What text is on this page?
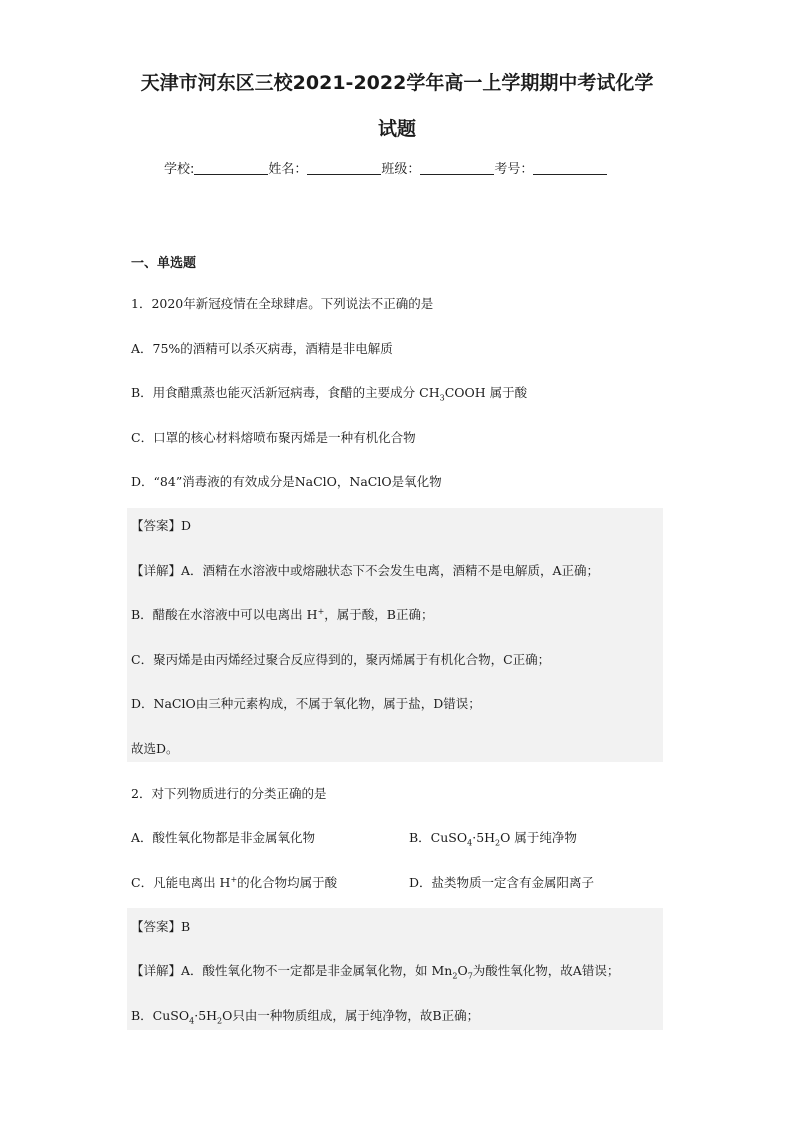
天津市河东区三校2021-2022学年高一上学期期中考试化学
试题
学校:	姓名：	班级：	考号：
一、单选题
1．2020年新冠疫情在全球肆虐。下列说法不正确的是
A．75%的酒精可以杀灭病毒，酒精是非电解质
B．用食醋熏蒸也能灭活新冠病毒，食醋的主要成分 $CH_3COOH$ 属于酸
C．口罩的核心材料熔喷布聚丙烯是一种有机化合物
D．“84”消毒液的有效成分是NaClO，NaClO是氧化物
【答案】D
【详解】A．酒精在水溶液中或熔融状态下不会发生电离，酒精不是电解质，A正确；
B．醋酸在水溶液中可以电离出 H+，属于酸，B正确；
C．聚丙烯是由丙烯经过聚合反应得到的，聚丙烯属于有机化合物，C正确；
D．NaClO由三种元素构成，不属于氧化物，属于盐，D错误；
故选D。
2．对下列物质进行的分类正确的是
A．酸性氧化物都是非金属氧化物	B．$CuSO_4\cdot 5H_2O$ 属于纯净物
C．凡能电离出 H+的化合物均属于酸	D．盐类物质一定含有金属阳离子
【答案】B
【详解】A．酸性氧化物不一定都是非金属氧化物，如 $Mn_2O_7$为酸性氧化物，故A错误；
B．$CuSO_4\cdot 5H_2O$只由一种物质组成，属于纯净物，故B正确；
